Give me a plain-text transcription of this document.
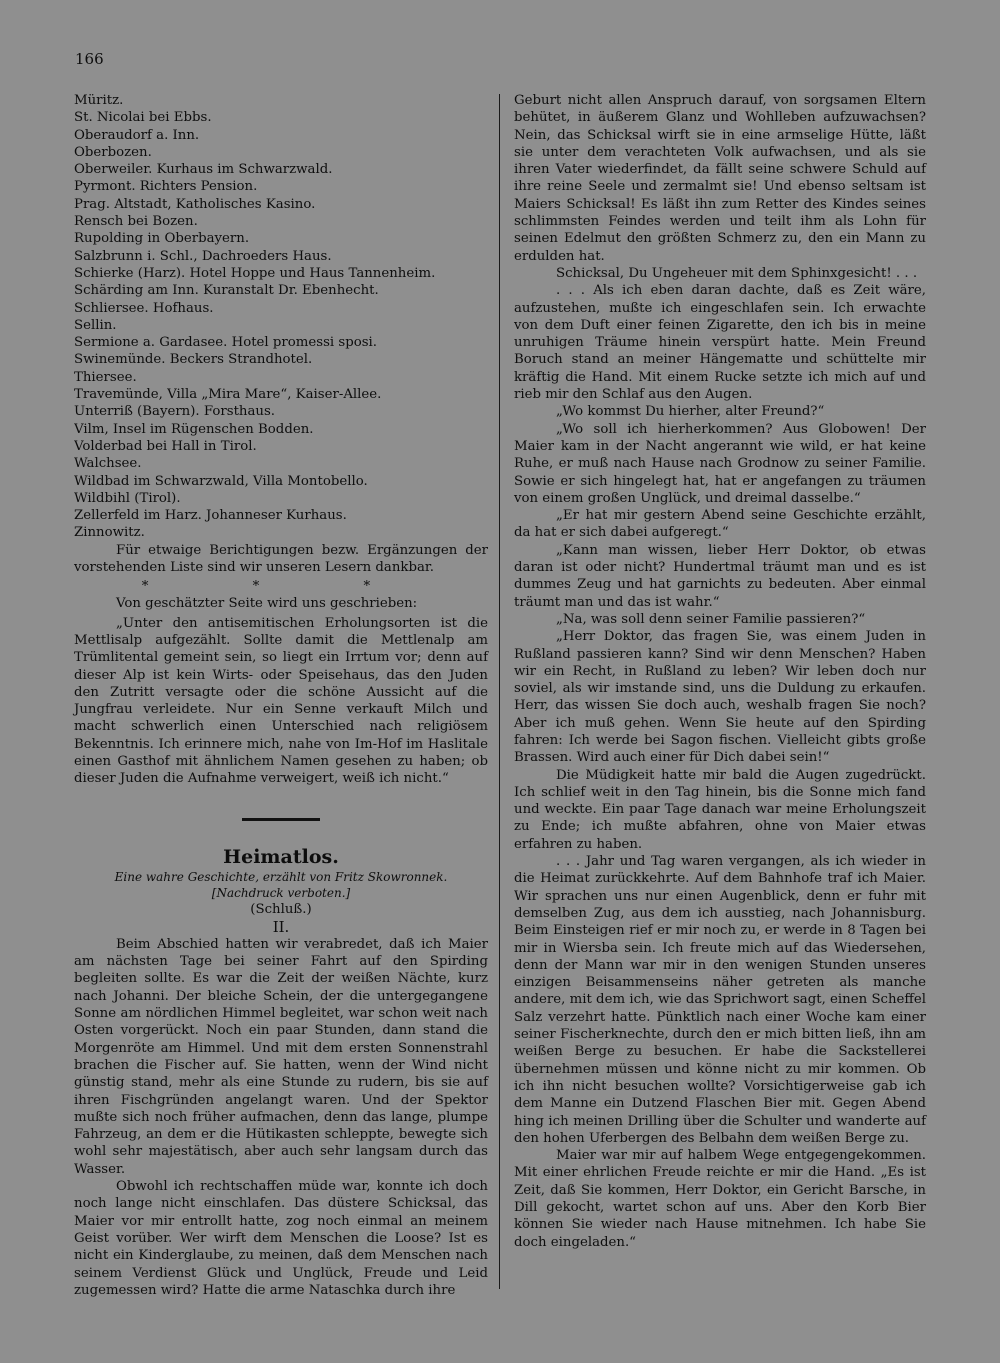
166
Müritz.
St. Nicolai bei Ebbs.
Oberaudorf a. Inn.
Oberbozen.
Oberweiler. Kurhaus im Schwarzwald.
Pyrmont. Richters Pension.
Prag. Altstadt, Katholisches Kasino.
Rensch bei Bozen.
Rupolding in Oberbayern.
Salzbrunn i. Schl., Dachroeders Haus.
Schierke (Harz). Hotel Hoppe und Haus Tannenheim.
Schärding am Inn. Kuranstalt Dr. Ebenhecht.
Schliersee. Hofhaus.
Sellin.
Sermione a. Gardasee. Hotel promessi sposi.
Swinemünde. Beckers Strandhotel.
Thiersee.
Travemünde, Villa „Mira Mare“, Kaiser-Allee.
Unterriß (Bayern). Forsthaus.
Vilm, Insel im Rügenschen Bodden.
Volderbad bei Hall in Tirol.
Walchsee.
Wildbad im Schwarzwald, Villa Montobello.
Wildbihl (Tirol).
Zellerfeld im Harz. Johanneser Kurhaus.
Zinnowitz.

Für etwaige Berichtigungen bezw. Ergänzungen der vorstehenden Liste sind wir unseren Lesern dankbar.

* * *

Von geschätzter Seite wird uns geschrieben:

„Unter den antisemitischen Erholungsorten ist die Mettlisalp aufgezählt. Sollte damit die Mettlenalp am Trümlitental gemeint sein, so liegt ein Irrtum vor; denn auf dieser Alp ist kein Wirts- oder Speisehaus, das den Juden den Zutritt versagte oder die schöne Aussicht auf die Jungfrau verleidete. Nur ein Senne verkauft Milch und macht schwerlich einen Unterschied nach religiösem Bekenntnis. Ich erinnere mich, nahe von Im-Hof im Haslitale einen Gasthof mit ähnlichem Namen gesehen zu haben; ob dieser Juden die Aufnahme verweigert, weiß ich nicht.“

Heimatlos.
Eine wahre Geschichte, erzählt von Fritz Skowronnek.
[Nachdruck verboten.]
(Schluß.)
II.

Beim Abschied hatten wir verabredet, daß ich Maier am nächsten Tage bei seiner Fahrt auf den Spirding begleiten sollte. Es war die Zeit der weißen Nächte, kurz nach Johanni. Der bleiche Schein, der die untergegangene Sonne am nördlichen Himmel begleitet, war schon weit nach Osten vorgerückt. Noch ein paar Stunden, dann stand die Morgenröte am Himmel. Und mit dem ersten Sonnenstrahl brachen die Fischer auf. Sie hatten, wenn der Wind nicht günstig stand, mehr als eine Stunde zu rudern, bis sie auf ihren Fischgründen angelangt waren. Und der Spektor mußte sich noch früher aufmachen, denn das lange, plumpe Fahrzeug, an dem er die Hütikasten schleppte, bewegte sich wohl sehr majestätisch, aber auch sehr langsam durch das Wasser.

Obwohl ich rechtschaffen müde war, konnte ich doch noch lange nicht einschlafen. Das düstere Schicksal, das Maier vor mir entrollt hatte, zog noch einmal an meinem Geist vorüber. Wer wirft dem Menschen die Loose? Ist es nicht ein Kinderglaube, zu meinen, daß dem Menschen nach seinem Verdienst Glück und Unglück, Freude und Leid zugemessen wird? Hatte die arme Nataschka durch ihre

Geburt nicht allen Anspruch darauf, von sorgsamen Eltern behütet, in äußerem Glanz und Wohlleben aufzuwachsen? Nein, das Schicksal wirft sie in eine armselige Hütte, läßt sie unter dem verachteten Volk aufwachsen, und als sie ihren Vater wiederfindet, da fällt seine schwere Schuld auf ihre reine Seele und zermalmt sie! Und ebenso seltsam ist Maiers Schicksal! Es läßt ihn zum Retter des Kindes seines schlimmsten Feindes werden und teilt ihm als Lohn für seinen Edelmut den größten Schmerz zu, den ein Mann zu erdulden hat.

Schicksal, Du Ungeheuer mit dem Sphinxgesicht! . . .

. . . Als ich eben daran dachte, daß es Zeit wäre, aufzustehen, mußte ich eingeschlafen sein. Ich erwachte von dem Duft einer feinen Zigarette, den ich bis in meine unruhigen Träume hinein verspürt hatte. Mein Freund Boruch stand an meiner Hängematte und schüttelte mir kräftig die Hand. Mit einem Rucke setzte ich mich auf und rieb mir den Schlaf aus den Augen.

„Wo kommst Du hierher, alter Freund?“

„Wo soll ich hierherkommen? Aus Globowen! Der Maier kam in der Nacht angerannt wie wild, er hat keine Ruhe, er muß nach Hause nach Grodnow zu seiner Familie. Sowie er sich hingelegt hat, hat er angefangen zu träumen von einem großen Unglück, und dreimal dasselbe.“

„Er hat mir gestern Abend seine Geschichte erzählt, da hat er sich dabei aufgeregt.“

„Kann man wissen, lieber Herr Doktor, ob etwas daran ist oder nicht? Hundertmal träumt man und es ist dummes Zeug und hat garnichts zu bedeuten. Aber einmal träumt man und das ist wahr.“

„Na, was soll denn seiner Familie passieren?“

„Herr Doktor, das fragen Sie, was einem Juden in Rußland passieren kann? Sind wir denn Menschen? Haben wir ein Recht, in Rußland zu leben? Wir leben doch nur soviel, als wir imstande sind, uns die Duldung zu erkaufen. Herr, das wissen Sie doch auch, weshalb fragen Sie noch? Aber ich muß gehen. Wenn Sie heute auf den Spirding fahren: Ich werde bei Sagon fischen. Vielleicht gibts große Brassen. Wird auch einer für Dich dabei sein!“

Die Müdigkeit hatte mir bald die Augen zugedrückt. Ich schlief weit in den Tag hinein, bis die Sonne mich fand und weckte. Ein paar Tage danach war meine Erholungszeit zu Ende; ich mußte abfahren, ohne von Maier etwas erfahren zu haben.

. . . Jahr und Tag waren vergangen, als ich wieder in die Heimat zurückkehrte. Auf dem Bahnhofe traf ich Maier. Wir sprachen uns nur einen Augenblick, denn er fuhr mit demselben Zug, aus dem ich ausstieg, nach Johannisburg. Beim Einsteigen rief er mir noch zu, er werde in 8 Tagen bei mir in Wiersba sein. Ich freute mich auf das Wiedersehen, denn der Mann war mir in den wenigen Stunden unseres einzigen Beisammenseins näher getreten als manche andere, mit dem ich, wie das Sprichwort sagt, einen Scheffel Salz verzehrt hatte. Pünktlich nach einer Woche kam einer seiner Fischerknechte, durch den er mich bitten ließ, ihn am weißen Berge zu besuchen. Er habe die Sackstellerei übernehmen müssen und könne nicht zu mir kommen. Ob ich ihn nicht besuchen wollte? Vorsichtigerweise gab ich dem Manne ein Dutzend Flaschen Bier mit. Gegen Abend hing ich meinen Drilling über die Schulter und wanderte auf den hohen Uferbergen des Belbahn dem weißen Berge zu.

Maier war mir auf halbem Wege entgegengekommen. Mit einer ehrlichen Freude reichte er mir die Hand. „Es ist Zeit, daß Sie kommen, Herr Doktor, ein Gericht Barsche, in Dill gekocht, wartet schon auf uns. Aber den Korb Bier können Sie wieder nach Hause mitnehmen. Ich habe Sie doch eingeladen.“
